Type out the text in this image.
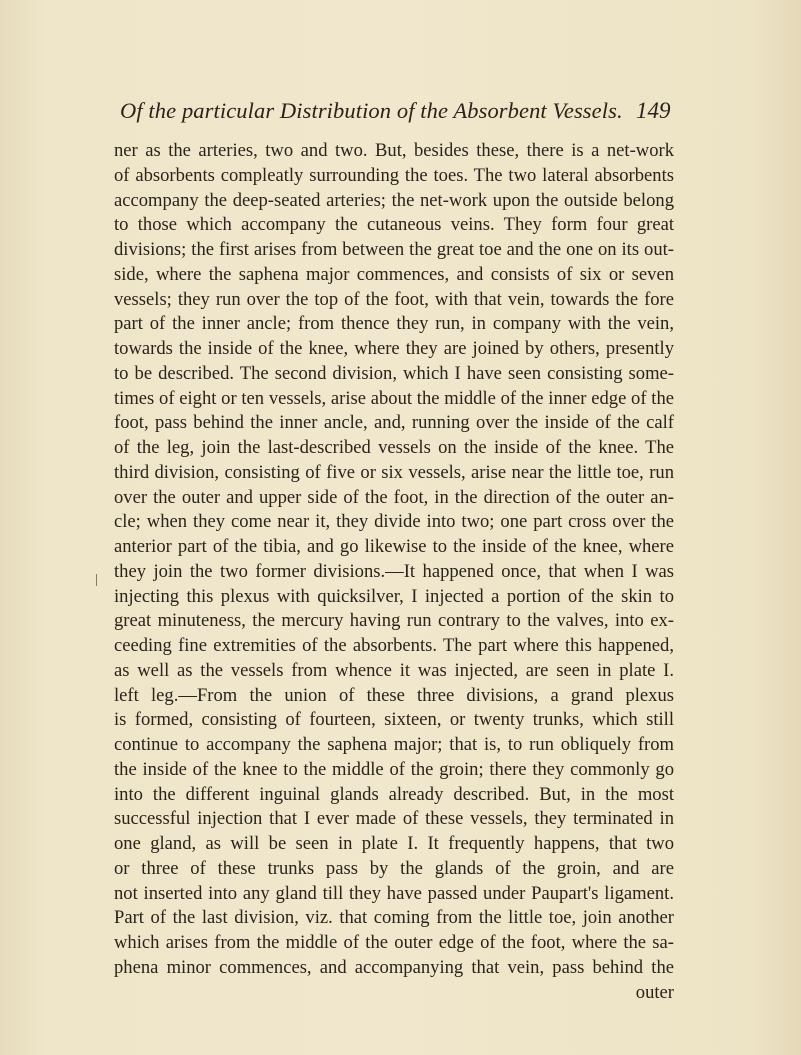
Of the particular Distribution of the Absorbent Vessels. 149
ner as the arteries, two and two. But, besides these, there is a net-work
of absorbents compleatly surrounding the toes. The two lateral absorbents
accompany the deep-seated arteries; the net-work upon the outside belong
to those which accompany the cutaneous veins. They form four great
divisions; the first arises from between the great toe and the one on its out-
side, where the saphena major commences, and consists of six or seven
vessels; they run over the top of the foot, with that vein, towards the fore
part of the inner ancle; from thence they run, in company with the vein,
towards the inside of the knee, where they are joined by others, presently
to be described. The second division, which I have seen consisting some-
times of eight or ten vessels, arise about the middle of the inner edge of the
foot, pass behind the inner ancle, and, running over the inside of the calf
of the leg, join the last-described vessels on the inside of the knee. The
third division, consisting of five or six vessels, arise near the little toe, run
over the outer and upper side of the foot, in the direction of the outer an-
cle; when they come near it, they divide into two; one part cross over the
anterior part of the tibia, and go likewise to the inside of the knee, where
they join the two former divisions.—It happened once, that when I was
injecting this plexus with quicksilver, I injected a portion of the skin to
great minuteness, the mercury having run contrary to the valves, into ex-
ceeding fine extremities of the absorbents. The part where this happened,
as well as the vessels from whence it was injected, are seen in plate I.
left leg.—From the union of these three divisions, a grand plexus
is formed, consisting of fourteen, sixteen, or twenty trunks, which still
continue to accompany the saphena major; that is, to run obliquely from
the inside of the knee to the middle of the groin; there they commonly go
into the different inguinal glands already described. But, in the most
successful injection that I ever made of these vessels, they terminated in
one gland, as will be seen in plate I. It frequently happens, that two
or three of these trunks pass by the glands of the groin, and are
not inserted into any gland till they have passed under Paupart's ligament.
Part of the last division, viz. that coming from the little toe, join another
which arises from the middle of the outer edge of the foot, where the sa-
phena minor commences, and accompanying that vein, pass behind the
outer
